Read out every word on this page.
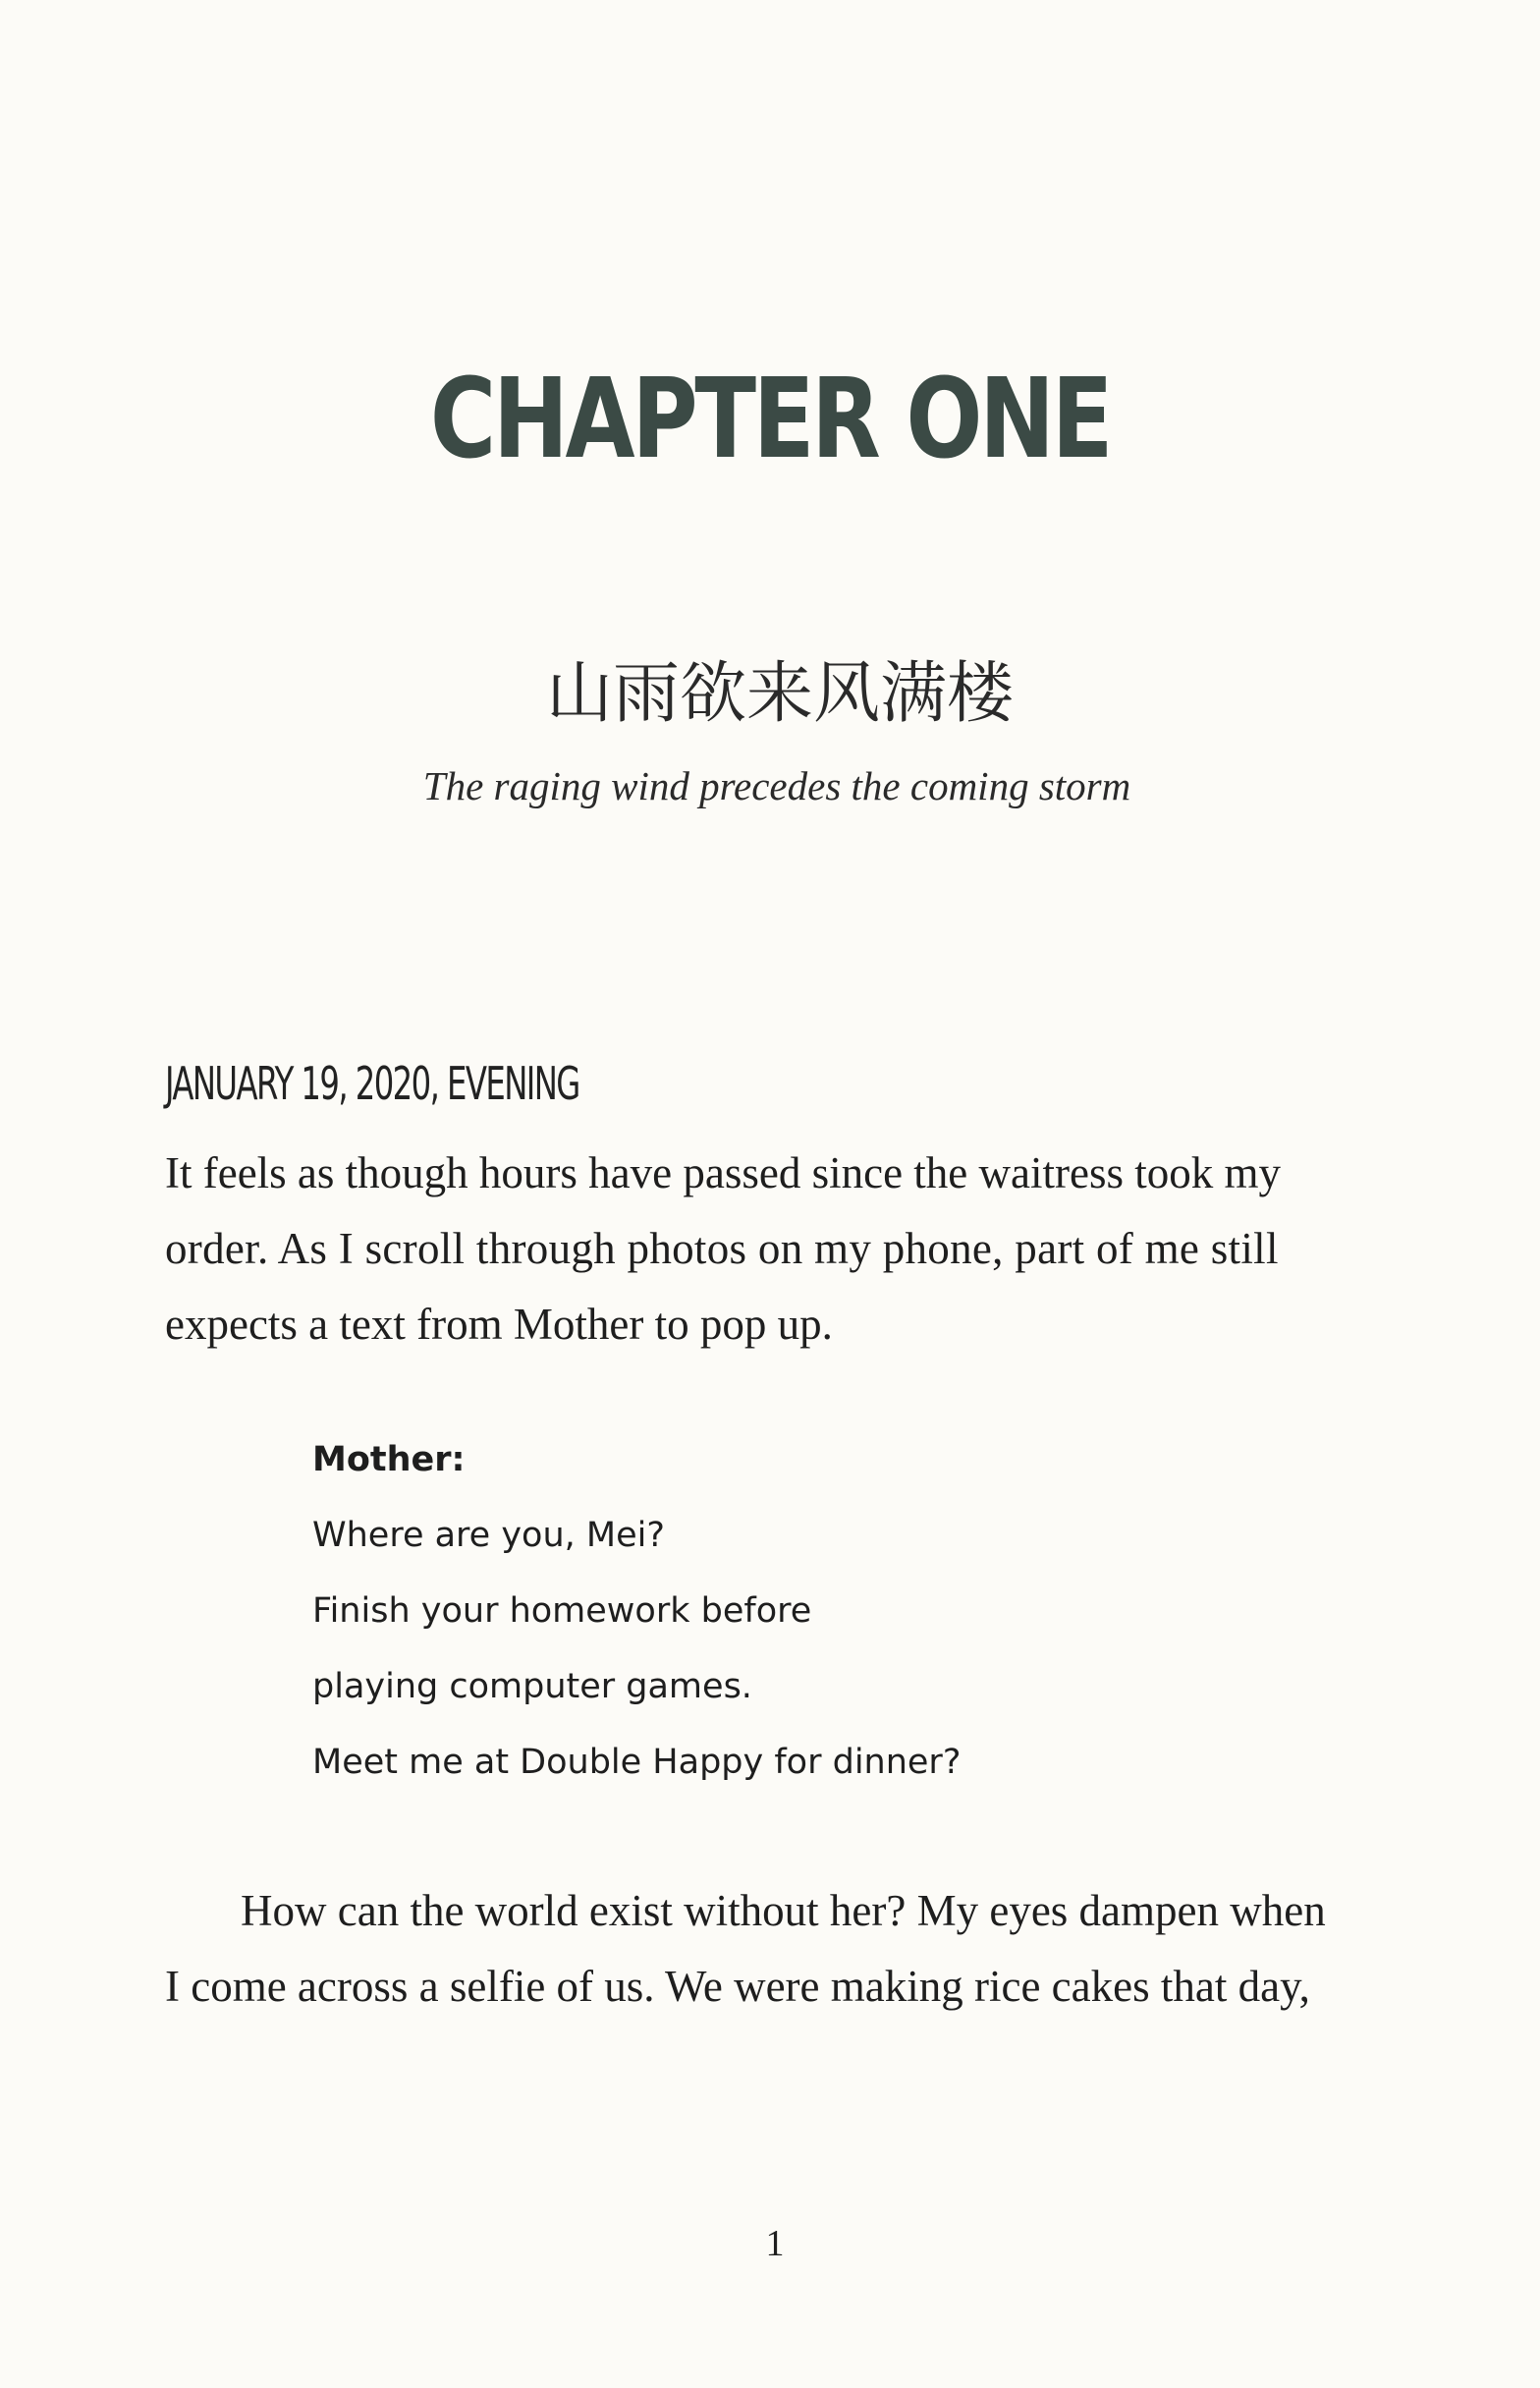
CHAPTER ONE
山雨欲来风满楼
The raging wind precedes the coming storm
JANUARY 19, 2020, EVENING
It feels as though hours have passed since the waitress took my
order. As I scroll through photos on my phone, part of me still
expects a text from Mother to pop up.
Mother:
Where are you, Mei?
Finish your homework before
playing computer games.
Meet me at Double Happy for dinner?
How can the world exist without her? My eyes dampen when
I come across a selfie of us. We were making rice cakes that day,
1
